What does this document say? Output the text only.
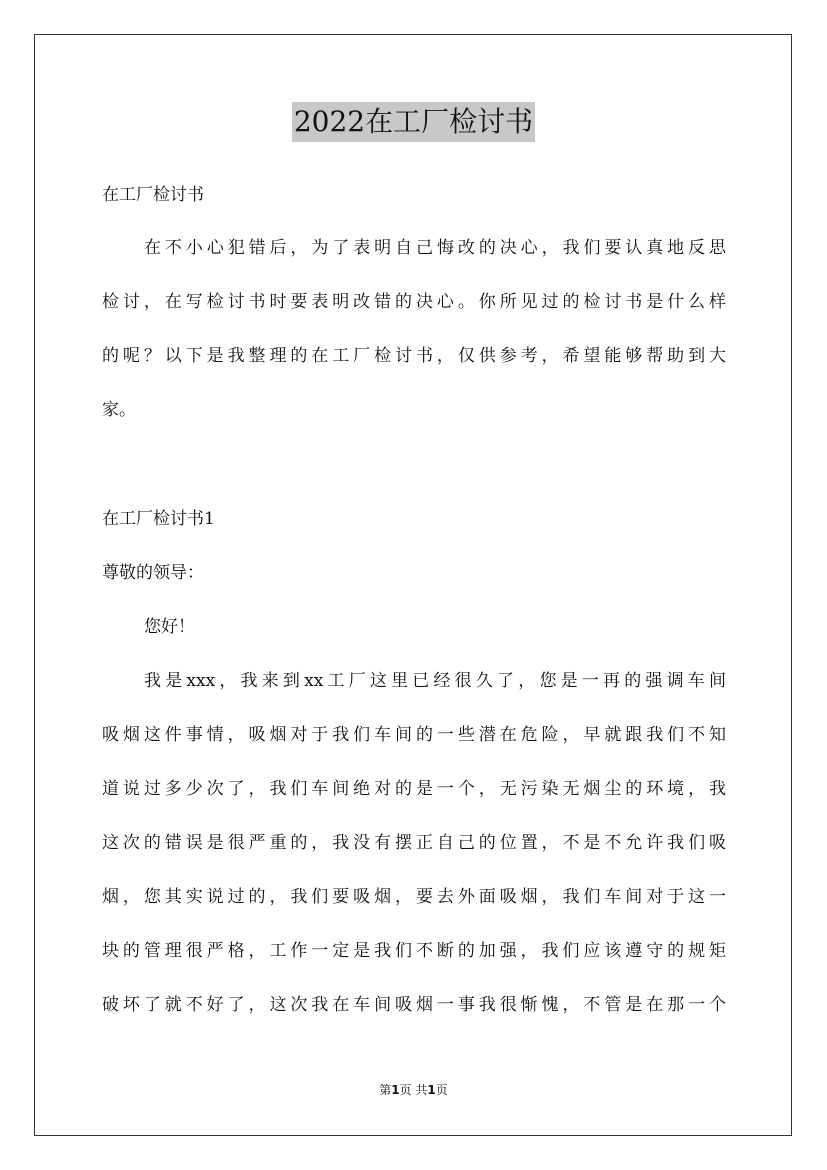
2022在工厂检讨书
在工厂检讨书
在不小心犯错后，为了表明自己悔改的决心，我们要认真地反思
检讨，在写检讨书时要表明改错的决心。你所见过的检讨书是什么样
的呢？以下是我整理的在工厂检讨书，仅供参考，希望能够帮助到大
家。
在工厂检讨书1
尊敬的领导：
您好！
我是xxx，我来到xx工厂这里已经很久了，您是一再的强调车间
吸烟这件事情，吸烟对于我们车间的一些潜在危险，早就跟我们不知
道说过多少次了，我们车间绝对的是一个，无污染无烟尘的环境，我
这次的错误是很严重的，我没有摆正自己的位置，不是不允许我们吸
烟，您其实说过的，我们要吸烟，要去外面吸烟，我们车间对于这一
块的管理很严格，工作一定是我们不断的加强，我们应该遵守的规矩
破坏了就不好了，这次我在车间吸烟一事我很惭愧，不管是在那一个
第1页 共1页
